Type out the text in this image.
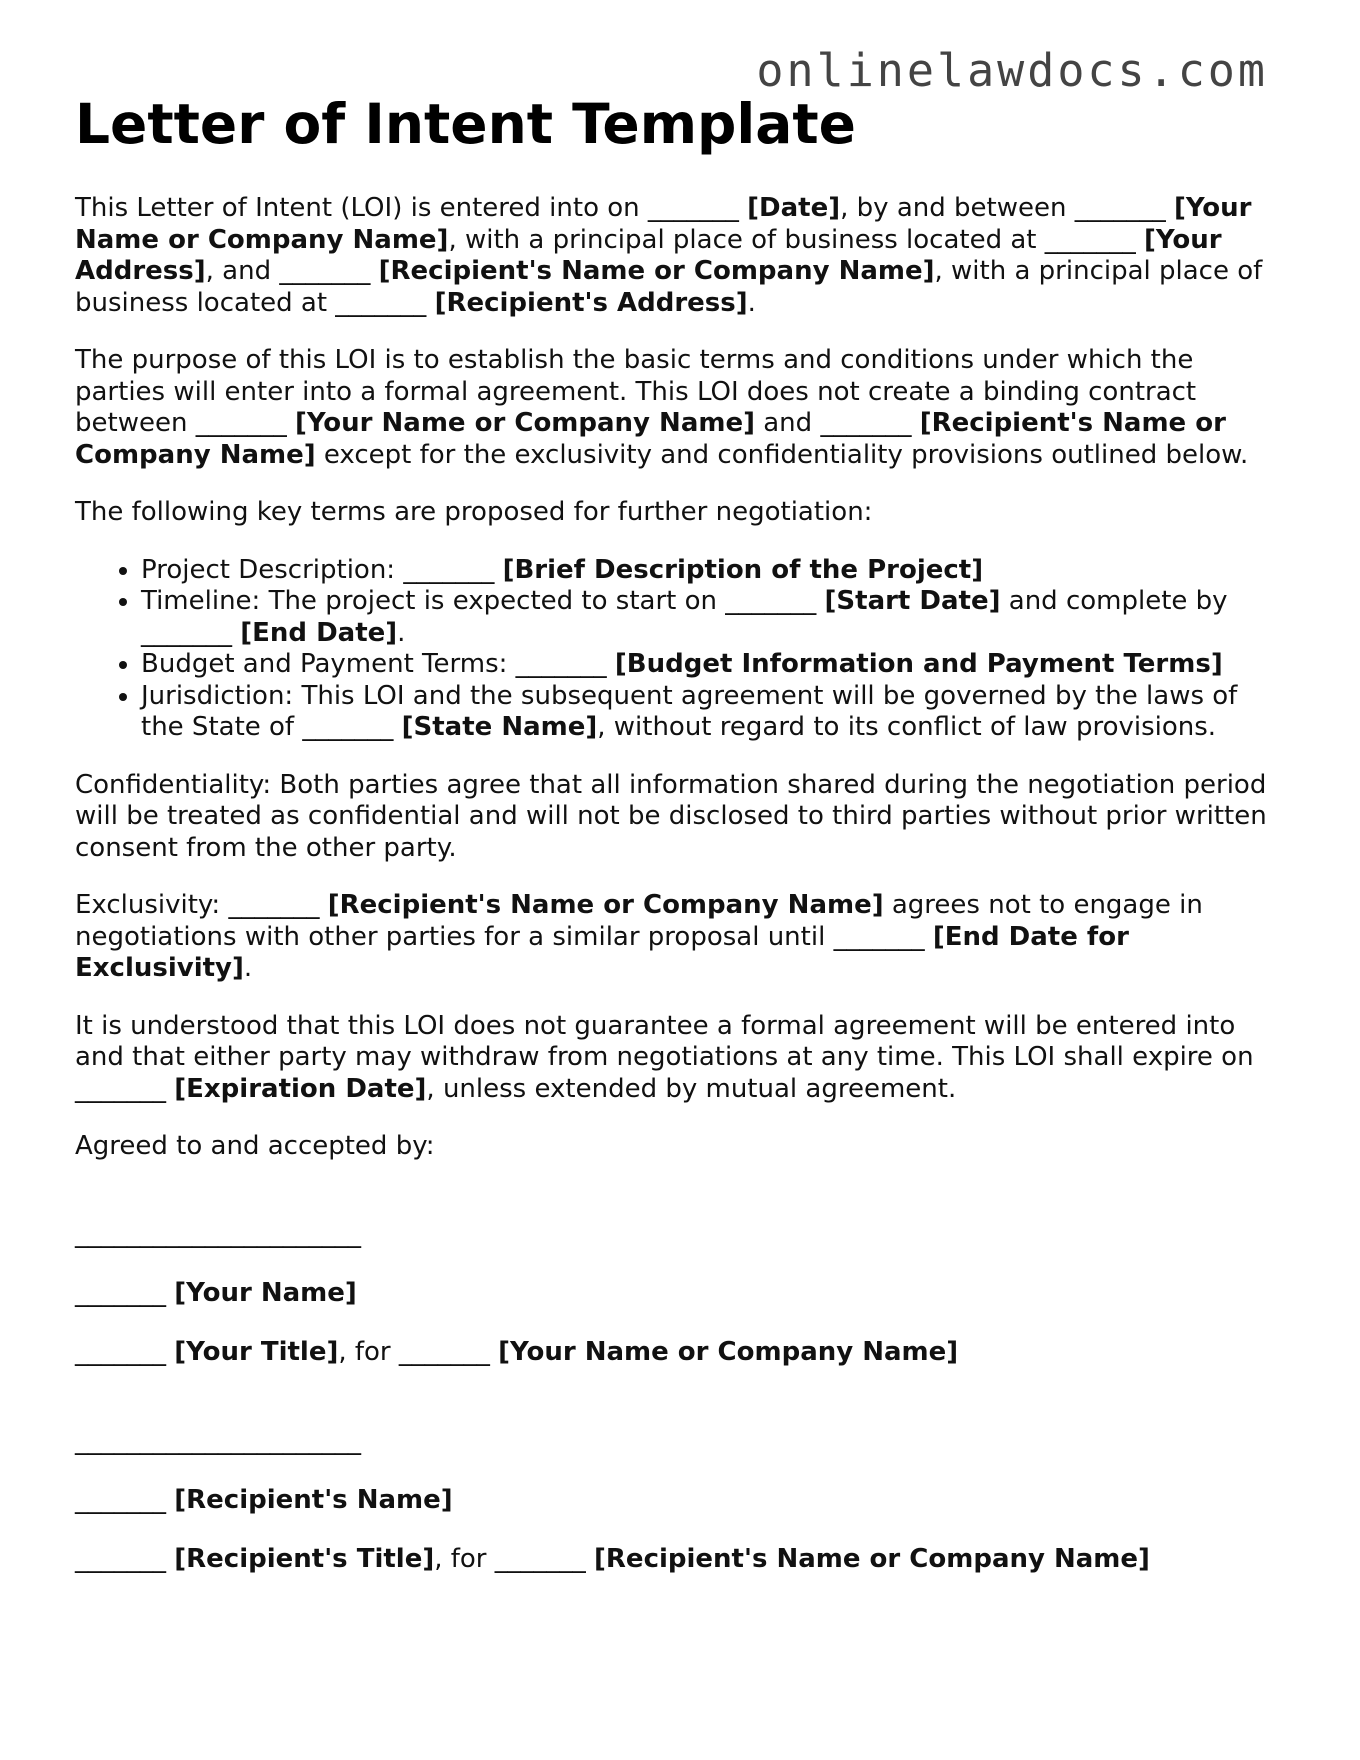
onlinelawdocs.com
Letter of Intent Template

This Letter of Intent (LOI) is entered into on _______ [Date], by and between _______ [Your Name or Company Name], with a principal place of business located at _______ [Your Address], and _______ [Recipient's Name or Company Name], with a principal place of business located at _______ [Recipient's Address].

The purpose of this LOI is to establish the basic terms and conditions under which the parties will enter into a formal agreement. This LOI does not create a binding contract between _______ [Your Name or Company Name] and _______ [Recipient's Name or Company Name] except for the exclusivity and confidentiality provisions outlined below.

The following key terms are proposed for further negotiation:

• Project Description: _______ [Brief Description of the Project]
• Timeline: The project is expected to start on _______ [Start Date] and complete by _______ [End Date].
• Budget and Payment Terms: _______ [Budget Information and Payment Terms]
• Jurisdiction: This LOI and the subsequent agreement will be governed by the laws of the State of _______ [State Name], without regard to its conflict of law provisions.

Confidentiality: Both parties agree that all information shared during the negotiation period will be treated as confidential and will not be disclosed to third parties without prior written consent from the other party.

Exclusivity: _______ [Recipient's Name or Company Name] agrees not to engage in negotiations with other parties for a similar proposal until _______ [End Date for Exclusivity].

It is understood that this LOI does not guarantee a formal agreement will be entered into and that either party may withdraw from negotiations at any time. This LOI shall expire on _______ [Expiration Date], unless extended by mutual agreement.

Agreed to and accepted by:

______________________
_______ [Your Name]
_______ [Your Title], for _______ [Your Name or Company Name]
______________________
_______ [Recipient's Name]
_______ [Recipient's Title], for _______ [Recipient's Name or Company Name]
